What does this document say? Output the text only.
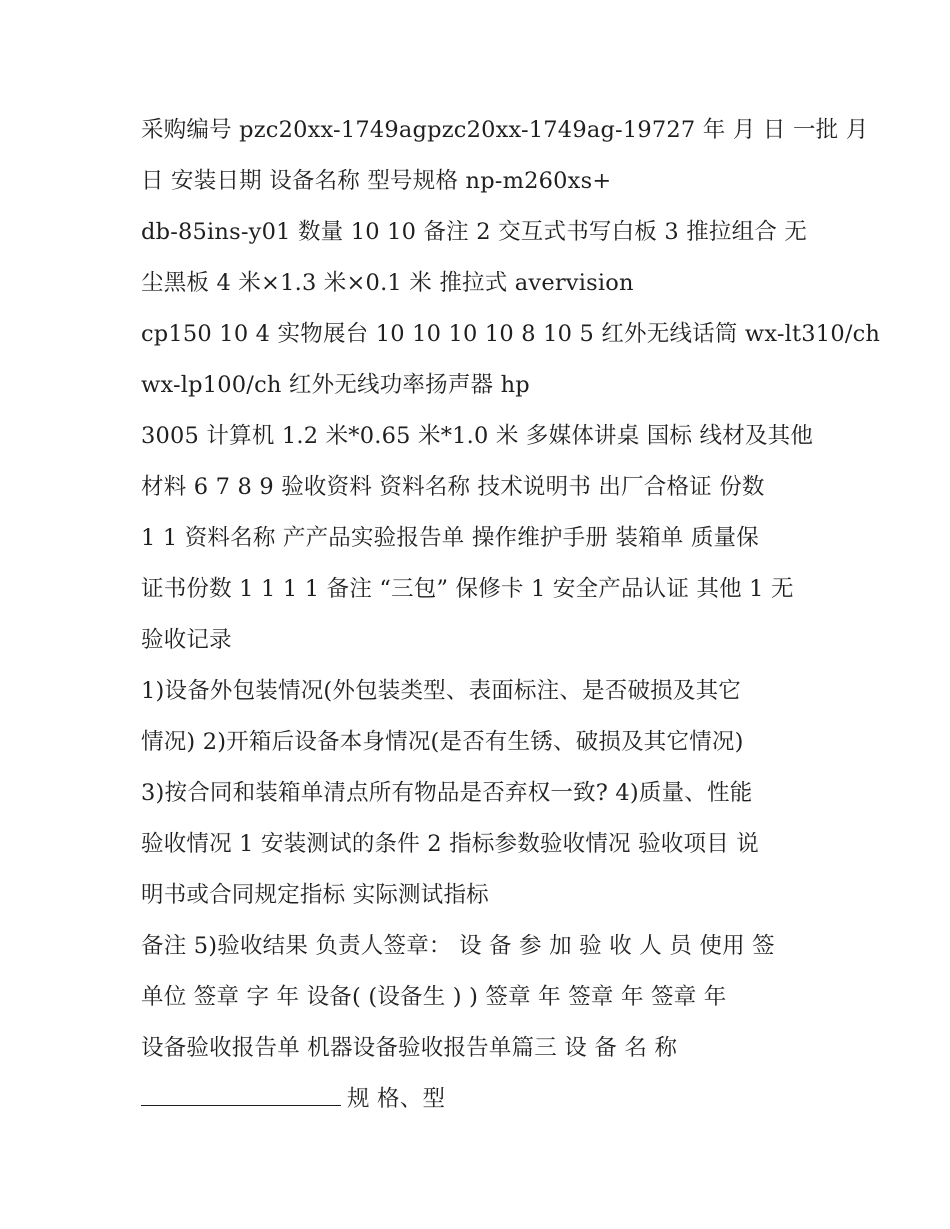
采购编号 pzc20xx-1749agpzc20xx-1749ag-19727 年 月 日 一批 月
日 安装日期 设备名称 型号规格 np-m260xs+
db-85ins-y01 数量 10 10 备注 2 交互式书写白板 3 推拉组合 无
尘黑板 4 米×1.3 米×0.1 米 推拉式 avervision
cp150 10 4 实物展台 10 10 10 10 8 10 5 红外无线话筒 wx-lt310/ch
wx-lp100/ch 红外无线功率扬声器 hp
3005 计算机 1.2 米*0.65 米*1.0 米 多媒体讲桌 国标 线材及其他
材料 6 7 8 9 验收资料 资料名称 技术说明书 出厂合格证 份数
1 1 资料名称 产产品实验报告单 操作维护手册 装箱单 质量保
证书份数 1 1 1 1 备注 “三包” 保修卡 1 安全产品认证 其他 1 无
验收记录
1)设备外包装情况(外包装类型、表面标注、是否破损及其它
情况) 2)开箱后设备本身情况(是否有生锈、破损及其它情况)
3)按合同和装箱单清点所有物品是否弃权一致? 4)质量、性能
验收情况 1 安装测试的条件 2 指标参数验收情况 验收项目 说
明书或合同规定指标 实际测试指标
备注 5)验收结果 负责人签章： 设 备 参 加 验 收 人 员 使用 签
单位 签章 字 年 设备( (设备生 ) ) 签章 年 签章 年 签章 年
设备验收报告单 机器设备验收报告单篇三 设 备 名 称
规 格、型
